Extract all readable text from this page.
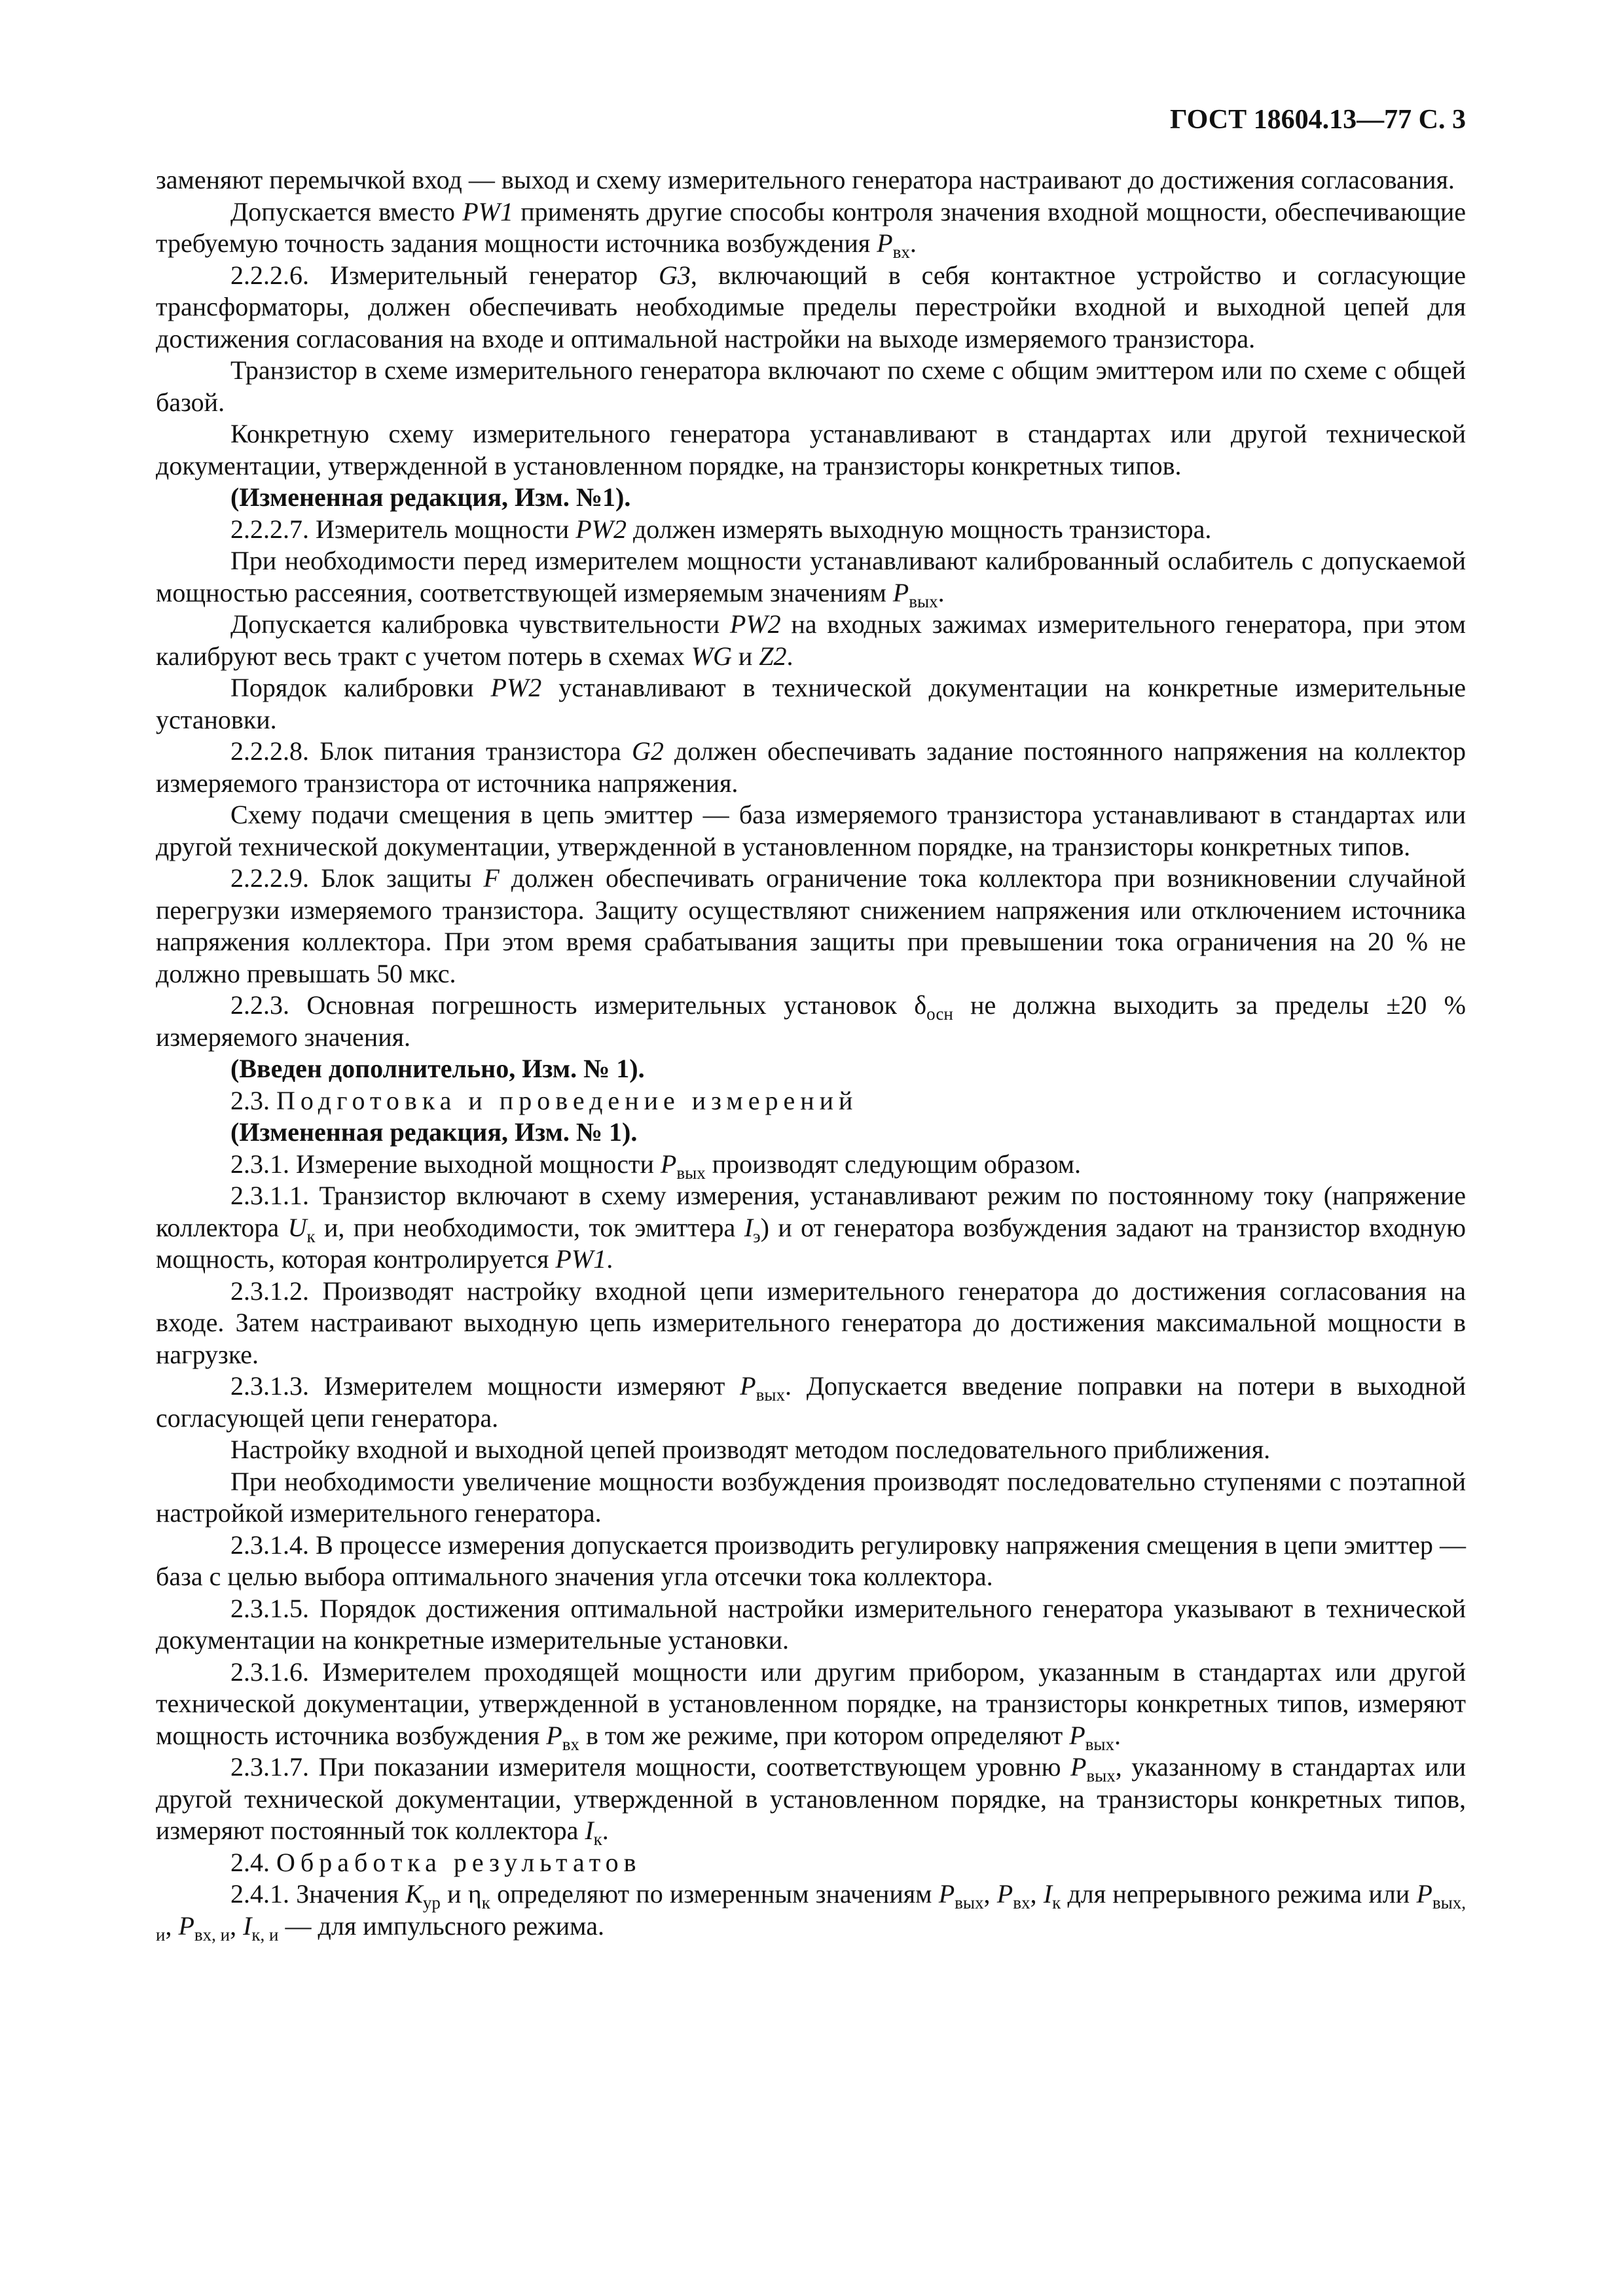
ГОСТ 18604.13—77 С. 3

заменяют перемычкой вход — выход и схему измерительного генератора настраивают до достижения согласования.

Допускается вместо PW1 применять другие способы контроля значения входной мощности, обеспечивающие требуемую точность задания мощности источника возбуждения $P_{вх}$.

2.2.2.6. Измерительный генератор G3, включающий в себя контактное устройство и согласующие трансформаторы, должен обеспечивать необходимые пределы перестройки входной и выходной цепей для достижения согласования на входе и оптимальной настройки на выходе измеряемого транзистора.

Транзистор в схеме измерительного генератора включают по схеме с общим эмиттером или по схеме с общей базой.

Конкретную схему измерительного генератора устанавливают в стандартах или другой технической документации, утвержденной в установленном порядке, на транзисторы конкретных типов.

(Измененная редакция, Изм. №1).

2.2.2.7. Измеритель мощности PW2 должен измерять выходную мощность транзистора.

При необходимости перед измерителем мощности устанавливают калиброванный ослабитель с допускаемой мощностью рассеяния, соответствующей измеряемым значениям $P_{вых}$.

Допускается калибровка чувствительности PW2 на входных зажимах измерительного генератора, при этом калибруют весь тракт с учетом потерь в схемах WG и Z2.

Порядок калибровки PW2 устанавливают в технической документации на конкретные измерительные установки.

2.2.2.8. Блок питания транзистора G2 должен обеспечивать задание постоянного напряжения на коллектор измеряемого транзистора от источника напряжения.

Схему подачи смещения в цепь эмиттер — база измеряемого транзистора устанавливают в стандартах или другой технической документации, утвержденной в установленном порядке, на транзисторы конкретных типов.

2.2.2.9. Блок защиты F должен обеспечивать ограничение тока коллектора при возникновении случайной перегрузки измеряемого транзистора. Защиту осуществляют снижением напряжения или отключением источника напряжения коллектора. При этом время срабатывания защиты при превышении тока ограничения на 20 % не должно превышать 50 мкс.

2.2.3. Основная погрешность измерительных установок $\delta_{осн}$ не должна выходить за пределы ±20 % измеряемого значения.

(Введен дополнительно, Изм. № 1).

2.3. Подготовка и проведение измерений

(Измененная редакция, Изм. № 1).

2.3.1. Измерение выходной мощности $P_{вых}$ производят следующим образом.

2.3.1.1. Транзистор включают в схему измерения, устанавливают режим по постоянному току (напряжение коллектора $U_к$ и, при необходимости, ток эмиттера $I_э$) и от генератора возбуждения задают на транзистор входную мощность, которая контролируется PW1.

2.3.1.2. Производят настройку входной цепи измерительного генератора до достижения согласования на входе. Затем настраивают выходную цепь измерительного генератора до достижения максимальной мощности в нагрузке.

2.3.1.3. Измерителем мощности измеряют $P_{вых}$. Допускается введение поправки на потери в выходной согласующей цепи генератора.

Настройку входной и выходной цепей производят методом последовательного приближения.

При необходимости увеличение мощности возбуждения производят последовательно ступенями с поэтапной настройкой измерительного генератора.

2.3.1.4. В процессе измерения допускается производить регулировку напряжения смещения в цепи эмиттер — база с целью выбора оптимального значения угла отсечки тока коллектора.

2.3.1.5. Порядок достижения оптимальной настройки измерительного генератора указывают в технической документации на конкретные измерительные установки.

2.3.1.6. Измерителем проходящей мощности или другим прибором, указанным в стандартах или другой технической документации, утвержденной в установленном порядке, на транзисторы конкретных типов, измеряют мощность источника возбуждения $P_{вх}$ в том же режиме, при котором определяют $P_{вых}$.

2.3.1.7. При показании измерителя мощности, соответствующем уровню $P_{вых}$, указанному в стандартах или другой технической документации, утвержденной в установленном порядке, на транзисторы конкретных типов, измеряют постоянный ток коллектора $I_к$.

2.4. Обработка результатов

2.4.1. Значения $K_{ур}$ и $\eta_к$ определяют по измеренным значениям $P_{вых}$, $P_{вх}$, $I_к$ для непрерывного режима или $P_{вых, и}$, $P_{вх, и}$, $I_{к, и}$ — для импульсного режима.
